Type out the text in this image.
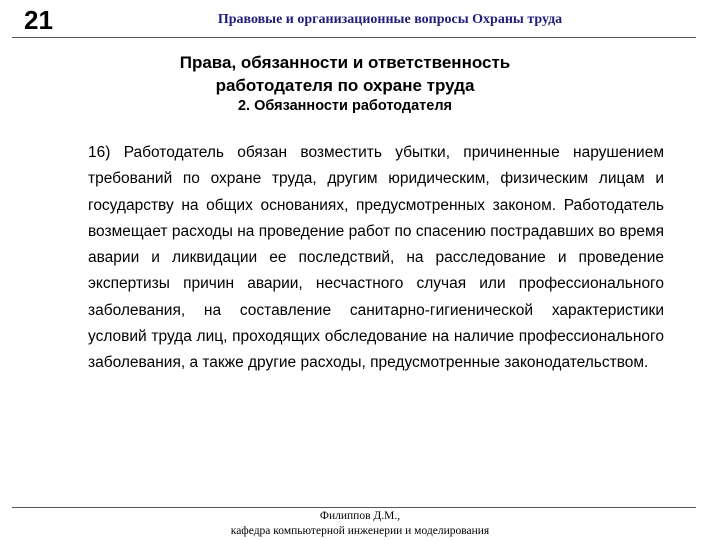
21	Правовые и организационные вопросы Охраны труда
Права, обязанности и ответственность
работодателя по охране труда
2. Обязанности работодателя

16) Работодатель обязан возместить убытки, причиненные нарушением требований по охране труда, другим юридическим, физическим лицам и государству на общих основаниях, предусмотренных законом. Работодатель возмещает расходы на проведение работ по спасению пострадавших во время аварии и ликвидации ее последствий, на расследование и проведение экспертизы причин аварии, несчастного случая или профессионального заболевания, на составление санитарно-гигиенической характеристики условий труда лиц, проходящих обследование на наличие профессионального заболевания, а также другие расходы, предусмотренные законодательством.

Филиппов Д.М.,
кафедра компьютерной инженерии и моделирования
